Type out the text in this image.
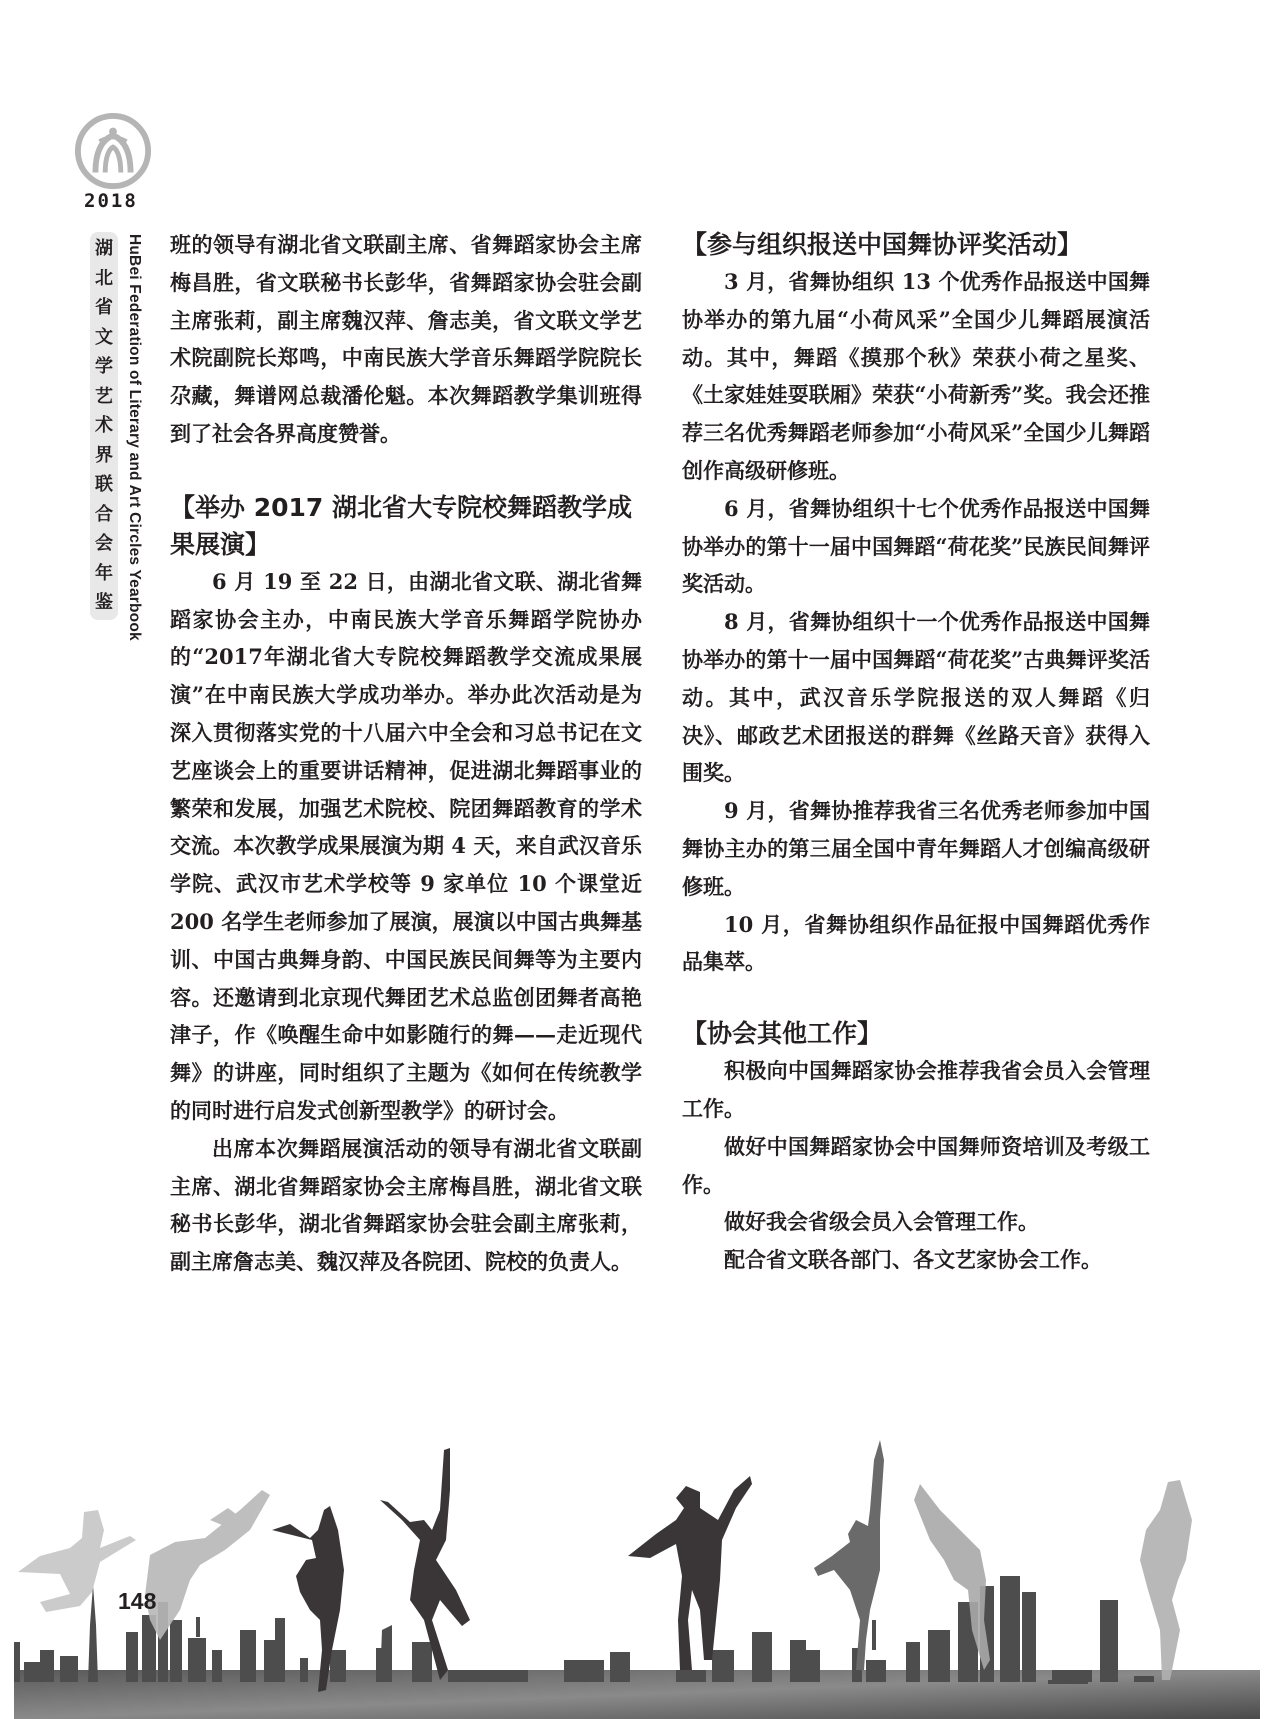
2018
湖
北
省
文
学
艺
术
界
联
合
会
年
鉴 HuBei Federation of Literary and Art Circles Yearbook 班的领导有湖北省文联副主席、省舞蹈家协会主席梅昌胜，省文联秘书长彭华，省舞蹈家协会驻会副主席张莉，副主席魏汉萍、詹志美，省文联文学艺术院副院长郑鸣，中南民族大学音乐舞蹈学院院长尕藏，舞谱网总裁潘伦魁。本次舞蹈教学集训班得到了社会各界高度赞誉。

【举办 2017 湖北省大专院校舞蹈教学成果展演】

6 月 19 至 22 日，由湖北省文联、湖北省舞蹈家协会主办，中南民族大学音乐舞蹈学院协办的“2017年湖北省大专院校舞蹈教学交流成果展演”在中南民族大学成功举办。举办此次活动是为深入贯彻落实党的十八届六中全会和习总书记在文艺座谈会上的重要讲话精神，促进湖北舞蹈事业的繁荣和发展，加强艺术院校、院团舞蹈教育的学术交流。本次教学成果展演为期 4 天，来自武汉音乐学院、武汉市艺术学校等 9 家单位 10 个课堂近 200 名学生老师参加了展演，展演以中国古典舞基训、中国古典舞身韵、中国民族民间舞等为主要内容。还邀请到北京现代舞团艺术总监创团舞者高艳津子，作《唤醒生命中如影随行的舞——走近现代舞》的讲座，同时组织了主题为《如何在传统教学的同时进行启发式创新型教学》的研讨会。

出席本次舞蹈展演活动的领导有湖北省文联副主席、湖北省舞蹈家协会主席梅昌胜，湖北省文联秘书长彭华，湖北省舞蹈家协会驻会副主席张莉，副主席詹志美、魏汉萍及各院团、院校的负责人。

【参与组织报送中国舞协评奖活动】

3 月，省舞协组织 13 个优秀作品报送中国舞协举办的第九届“小荷风采”全国少儿舞蹈展演活动。其中，舞蹈《摸那个秋》荣获小荷之星奖、《土家娃娃耍联厢》荣获“小荷新秀”奖。我会还推荐三名优秀舞蹈老师参加“小荷风采”全国少儿舞蹈创作高级研修班。

6 月，省舞协组织十七个优秀作品报送中国舞协举办的第十一届中国舞蹈“荷花奖”民族民间舞评奖活动。

8 月，省舞协组织十一个优秀作品报送中国舞协举办的第十一届中国舞蹈“荷花奖”古典舞评奖活动。其中，武汉音乐学院报送的双人舞蹈《归决》、邮政艺术团报送的群舞《丝路天音》获得入围奖。

9 月，省舞协推荐我省三名优秀老师参加中国舞协主办的第三届全国中青年舞蹈人才创编高级研修班。

10 月，省舞协组织作品征报中国舞蹈优秀作品集萃。

【协会其他工作】

积极向中国舞蹈家协会推荐我省会员入会管理工作。

做好中国舞蹈家协会中国舞师资培训及考级工作。

做好我会省级会员入会管理工作。

配合省文联各部门、各文艺家协会工作。

148
